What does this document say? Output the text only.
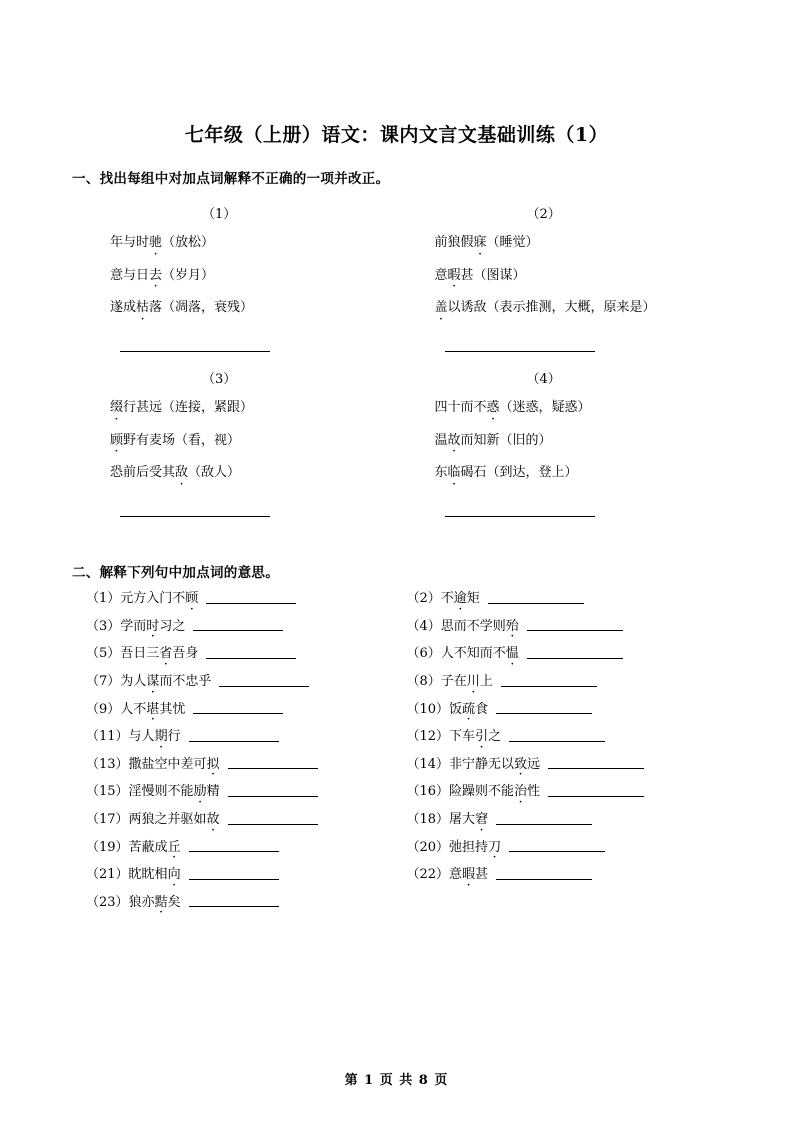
七年级（上册）语文：课内文言文基础训练（1）
一、找出每组中对加点词解释不正确的一项并改正。
（1）
年与时驰（放松）
意与日去（岁月）
遂成枯落（凋落，衰残）
（2）
前狼假寐（睡觉）
意暇甚（图谋）
盖以诱敌（表示推测，大概，原来是）
（3）
缀行甚远（连接，紧跟）
顾野有麦场（看，视）
恐前后受其敌（敌人）
（4）
四十而不惑（迷惑，疑惑）
温故而知新（旧的）
东临碣石（到达，登上）
二、解释下列句中加点词的意思。
（1）元方入门不顾
（3）学而时习之
（5）吾日三省吾身
（7）为人谋而不忠乎
（9）人不堪其忧
（11）与人期行
（13）撒盐空中差可拟
（15）淫慢则不能励精
（17）两狼之并驱如故
（19）苦蔽成丘
（21）眈眈相向
（23）狼亦黠矣
（2）不逾矩
（4）思而不学则殆
（6）人不知而不愠
（8）子在川上
（10）饭疏食
（12）下车引之
（14）非宁静无以致远
（16）险躁则不能治性
（18）屠大窘
（20）弛担持刀
（22）意暇甚
第 1 页 共 8 页
